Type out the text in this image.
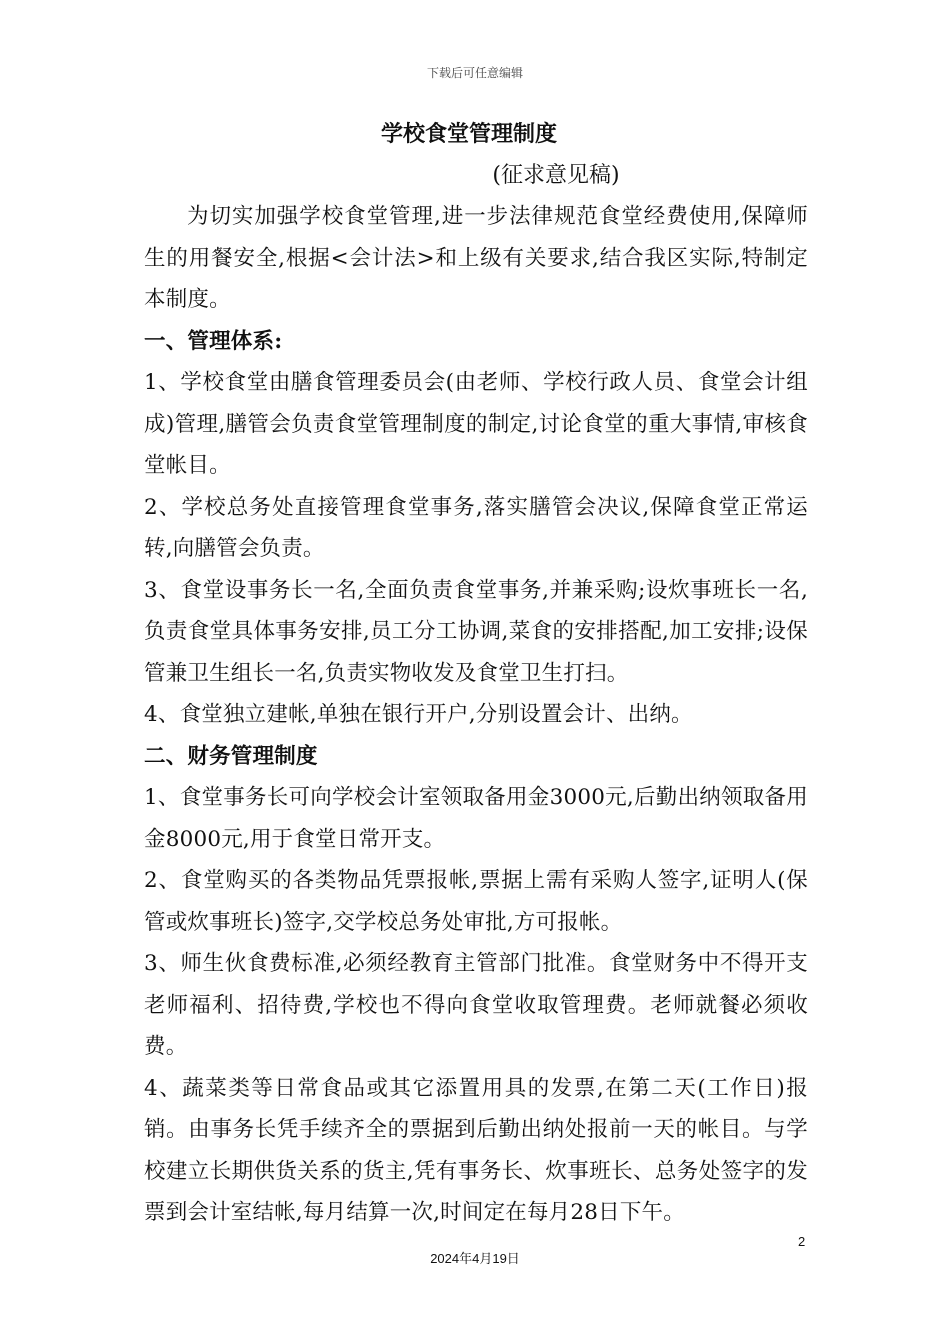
下载后可任意编辑
学校食堂管理制度
(征求意见稿)

为切实加强学校食堂管理,进一步法律规范食堂经费使用,保障师生的用餐安全,根据<会计法>和上级有关要求,结合我区实际,特制定本制度。

一、管理体系:

1、学校食堂由膳食管理委员会(由老师、学校行政人员、食堂会计组成)管理,膳管会负责食堂管理制度的制定,讨论食堂的重大事情,审核食堂帐目。

2、学校总务处直接管理食堂事务,落实膳管会决议,保障食堂正常运转,向膳管会负责。

3、食堂设事务长一名,全面负责食堂事务,并兼采购;设炊事班长一名,负责食堂具体事务安排,员工分工协调,菜食的安排搭配,加工安排;设保管兼卫生组长一名,负责实物收发及食堂卫生打扫。

4、食堂独立建帐,单独在银行开户,分别设置会计、出纳。

二、财务管理制度

1、食堂事务长可向学校会计室领取备用金3000元,后勤出纳领取备用金8000元,用于食堂日常开支。

2、食堂购买的各类物品凭票报帐,票据上需有采购人签字,证明人(保管或炊事班长)签字,交学校总务处审批,方可报帐。

3、师生伙食费标准,必须经教育主管部门批准。食堂财务中不得开支老师福利、招待费,学校也不得向食堂收取管理费。老师就餐必须收费。

4、蔬菜类等日常食品或其它添置用具的发票,在第二天(工作日)报销。由事务长凭手续齐全的票据到后勤出纳处报前一天的帐目。与学校建立长期供货关系的货主,凭有事务长、炊事班长、总务处签字的发票到会计室结帐,每月结算一次,时间定在每月28日下午。

2
2024年4月19日
